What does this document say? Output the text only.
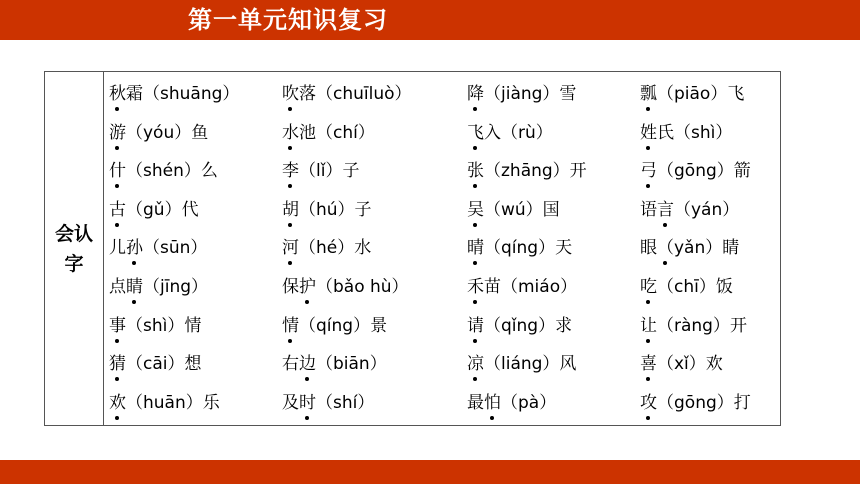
第一单元知识复习
会认字
秋霜（shuāng）	吹落（chuīluò）	降（jiàng）雪	瓢（piāo）飞
游（yóu）鱼	水池（chí）	飞入（rù）	姓氏（shì）
什（shén）么	李（lǐ）子	张（zhāng）开	弓（gōng）箭
古（gǔ）代	胡（hú）子	吴（wú）国	语言（yán）
儿孙（sūn）	河（hé）水	晴（qíng）天	眼（yǎn）睛
点睛（jīng）	保护（bǎo hù）	禾苗（miáo）	吃（chī）饭
事（shì）情	情（qíng）景	请（qǐng）求	让（ràng）开
猜（cāi）想	右边（biān）	凉（liáng）风	喜（xǐ）欢
欢（huān）乐	及时（shí）	最怕（pà）	攻（gōng）打
